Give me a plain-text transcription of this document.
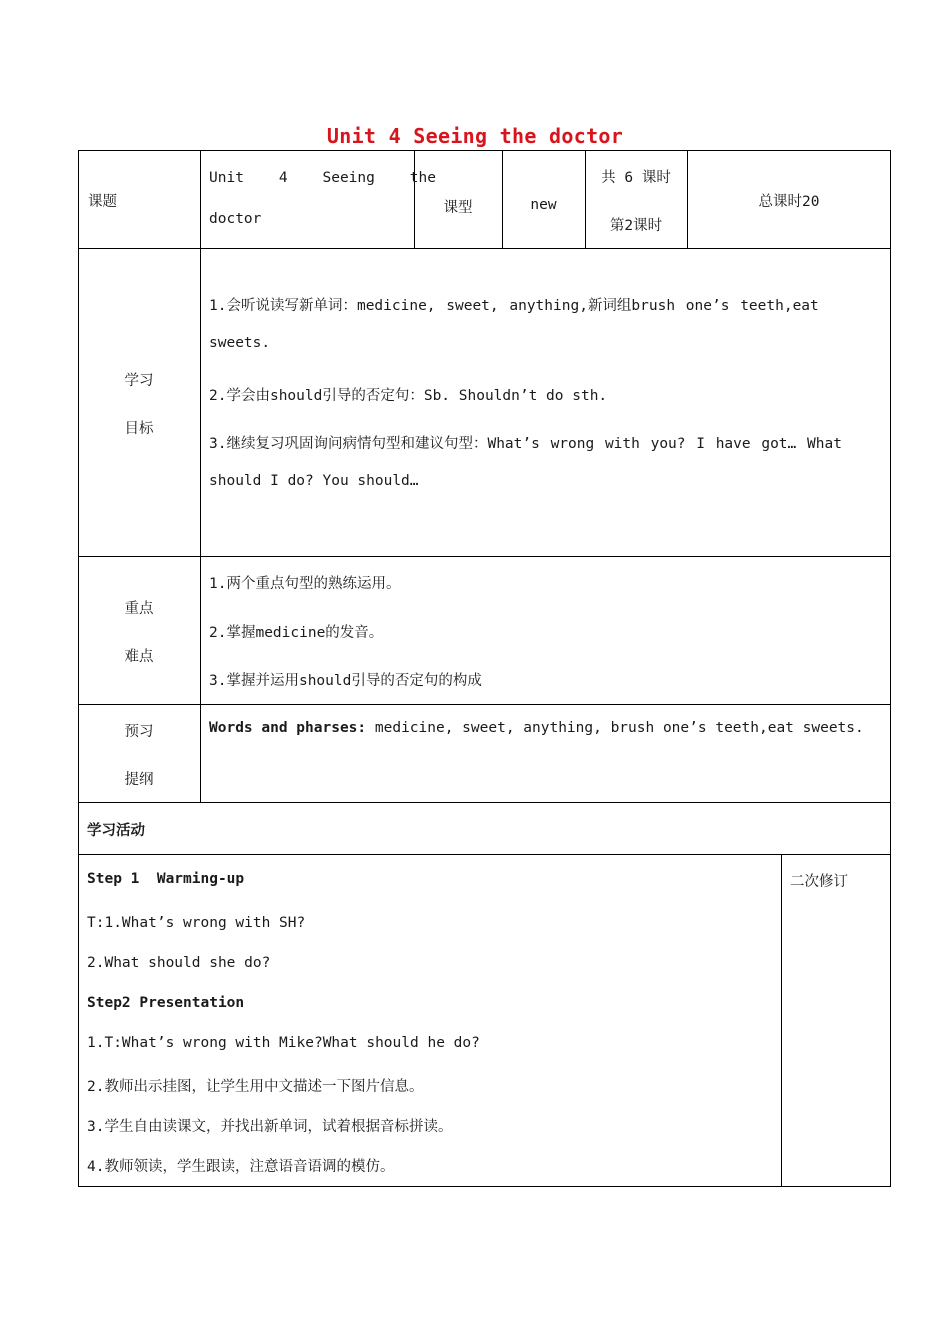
Unit 4 Seeing the doctor
课题
Unit    4    Seeing    the
doctor
课型	new
共 6 课时
第2课时
总课时20
学习
目标
1.会听说读写新单词：medicine, sweet, anything,新词组brush one’s teeth,eat
sweets.
2.学会由should引导的否定句：Sb. Shouldn’t do sth.
3.继续复习巩固询问病情句型和建议句型：What’s wrong with you? I have got… What
should I do? You should…
重点
难点
1.两个重点句型的熟练运用。
2.掌握medicine的发音。
3.掌握并运用should引导的否定句的构成
预习
提纲
Words and pharses: medicine, sweet, anything, brush one’s teeth,eat sweets.
学习活动
Step 1  Warming-up
T:1.What’s wrong with SH?
2.What should she do?
Step2 Presentation
1.T:What’s wrong with Mike?What should he do?
2.教师出示挂图，让学生用中文描述一下图片信息。
3.学生自由读课文，并找出新单词，试着根据音标拼读。
4.教师领读，学生跟读，注意语音语调的模仿。
二次修订
